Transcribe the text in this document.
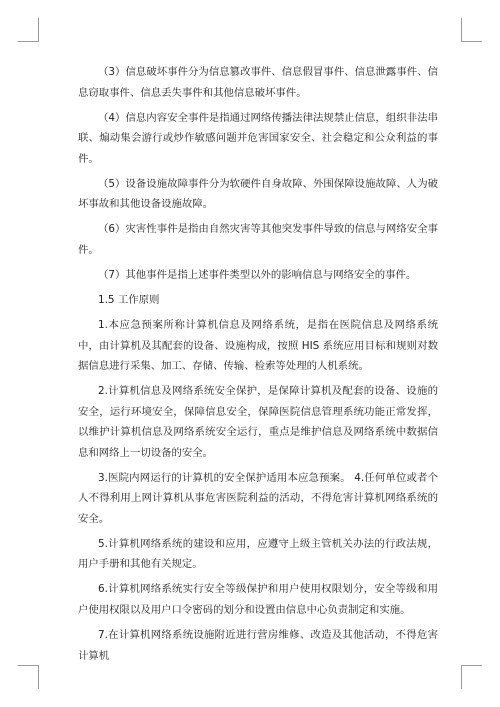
（3）信息破坏事件分为信息篡改事件、信息假冒事件、信息泄露事件、信息窃取事件、信息丢失事件和其他信息破坏事件。

（4）信息内容安全事件是指通过网络传播法律法规禁止信息，组织非法串联、煽动集会游行或炒作敏感问题并危害国家安全、社会稳定和公众利益的事件。

（5）设备设施故障事件分为软硬件自身故障、外围保障设施故障、人为破坏事故和其他设备设施故障。

（6）灾害性事件是指由自然灾害等其他突发事件导致的信息与网络安全事件。

（7）其他事件是指上述事件类型以外的影响信息与网络安全的事件。

1.5 工作原则

1.本应急预案所称计算机信息及网络系统，是指在医院信息及网络系统中，由计算机及其配套的设备、设施构成，按照 HIS 系统应用目标和规则对数据信息进行采集、加工、存储、传输、检索等处理的人机系统。

2.计算机信息及网络系统安全保护，是保障计算机及配套的设备、设施的安全，运行环境安全，保障信息安全，保障医院信息管理系统功能正常发挥，以维护计算机信息及网络系统安全运行，重点是维护信息及网络系统中数据信息和网络上一切设备的安全。

3.医院内网运行的计算机的安全保护适用本应急预案。 4.任何单位或者个人不得利用上网计算机从事危害医院利益的活动，不得危害计算机网络系统的安全。

5.计算机网络系统的建设和应用，应遵守上级主管机关办法的行政法规，用户手册和其他有关规定。

6.计算机网络系统实行安全等级保护和用户使用权限划分，安全等级和用户使用权限以及用户口令密码的划分和设置由信息中心负责制定和实施。

7.在计算机网络系统设施附近进行营房维修、改造及其他活动，不得危害计算机
